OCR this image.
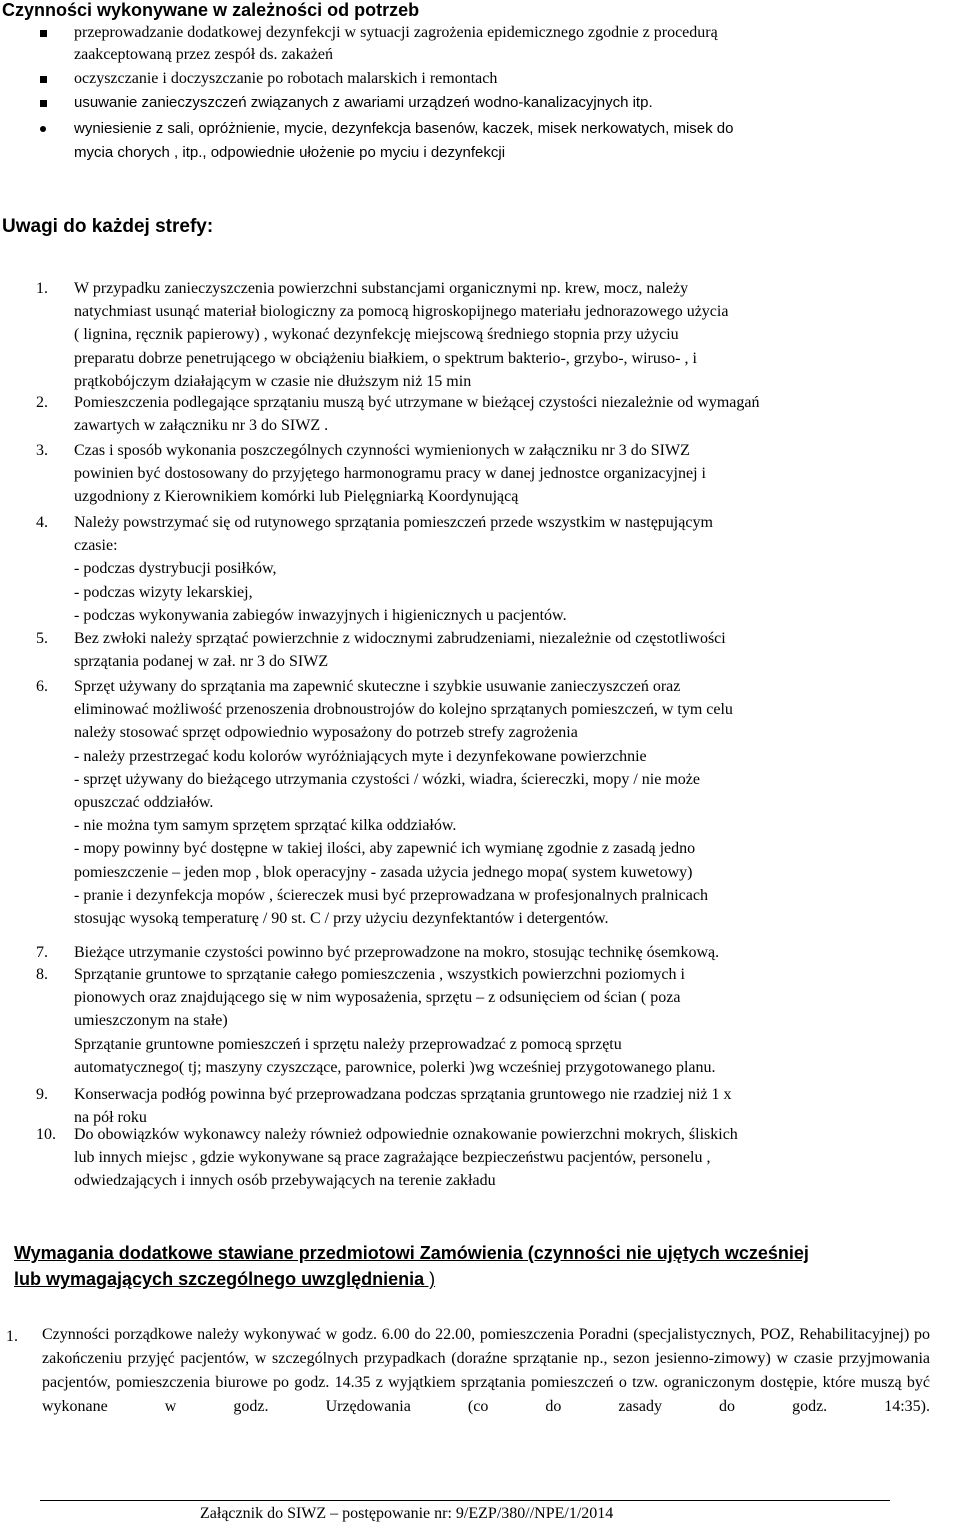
Czynności wykonywane w zależności od potrzeb
przeprowadzanie dodatkowej dezynfekcji w sytuacji zagrożenia epidemicznego zgodnie z procedurą
zaakceptowaną przez zespół ds. zakażeń
oczyszczanie i doczyszczanie po robotach malarskich i remontach
usuwanie zanieczyszczeń związanych z awariami urządzeń wodno-kanalizacyjnych itp.
wyniesienie z sali, opróżnienie, mycie, dezynfekcja basenów, kaczek, misek nerkowatych, misek do
mycia chorych , itp., odpowiednie ułożenie po myciu i dezynfekcji
Uwagi do każdej strefy:
1. W przypadku zanieczyszczenia powierzchni substancjami organicznymi np. krew, mocz, należy
natychmiast usunąć materiał biologiczny za pomocą higroskopijnego materiału jednorazowego użycia
( lignina, ręcznik papierowy) , wykonać dezynfekcję miejscową średniego stopnia przy użyciu
preparatu dobrze penetrującego w obciążeniu białkiem, o spektrum bakterio-, grzybo-, wiruso- , i
prątkobójczym działającym w czasie nie dłuższym niż 15 min
2. Pomieszczenia podlegające sprzątaniu muszą być utrzymane w bieżącej czystości niezależnie od wymagań
zawartych w załączniku nr 3 do SIWZ .
3. Czas i sposób wykonania poszczególnych czynności wymienionych w załączniku nr 3 do SIWZ
powinien być dostosowany do przyjętego harmonogramu pracy w danej jednostce organizacyjnej i
uzgodniony z Kierownikiem komórki lub Pielęgniarką Koordynującą
4. Należy powstrzymać się od rutynowego sprzątania pomieszczeń przede wszystkim w następującym
czasie:
- podczas dystrybucji posiłków,
- podczas wizyty lekarskiej,
- podczas wykonywania zabiegów inwazyjnych i higienicznych u pacjentów.
5. Bez zwłoki należy sprzątać powierzchnie z widocznymi zabrudzeniami, niezależnie od częstotliwości
sprzątania podanej w zał. nr 3 do SIWZ
6. Sprzęt używany do sprzątania ma zapewnić skuteczne i szybkie usuwanie zanieczyszczeń oraz
eliminować możliwość przenoszenia drobnoustrojów do kolejno sprzątanych pomieszczeń, w tym celu
należy stosować sprzęt odpowiednio wyposażony do potrzeb strefy zagrożenia
- należy przestrzegać kodu kolorów wyróżniających myte i dezynfekowane powierzchnie
- sprzęt używany do bieżącego utrzymania czystości / wózki, wiadra, ściereczki, mopy / nie może
opuszczać oddziałów.
- nie można tym samym sprzętem sprzątać kilka oddziałów.
- mopy powinny być dostępne w takiej ilości, aby zapewnić ich wymianę zgodnie z zasadą jedno
pomieszczenie – jeden mop , blok operacyjny - zasada użycia jednego mopa( system kuwetowy)
- pranie i dezynfekcja mopów , ściereczek musi być przeprowadzana w profesjonalnych pralnicach
stosując wysoką temperaturę / 90 st. C / przy użyciu dezynfektantów i detergentów.
7. Bieżące utrzymanie czystości powinno być przeprowadzone na mokro, stosując technikę ósemkową.
8. Sprzątanie gruntowe to sprzątanie całego pomieszczenia , wszystkich powierzchni poziomych i
pionowych oraz znajdującego się w nim wyposażenia, sprzętu – z odsunięciem od ścian ( poza
umieszczonym na stałe)
Sprzątanie gruntowne pomieszczeń i sprzętu należy przeprowadzać z pomocą sprzętu
automatycznego( tj; maszyny czyszczące, parownice, polerki )wg wcześniej przygotowanego planu.
9. Konserwacja podłóg powinna być przeprowadzana podczas sprzątania gruntowego nie rzadziej niż 1 x
na pół roku
10. Do obowiązków wykonawcy należy również odpowiednie oznakowanie powierzchni mokrych, śliskich
lub innych miejsc , gdzie wykonywane są prace zagrażające bezpieczeństwu pacjentów, personelu ,
odwiedzających i innych osób przebywających na terenie zakładu
Wymagania dodatkowe stawiane przedmiotowi Zamówienia (czynności nie ujętych wcześniej
lub wymagających szczególnego uwzględnienia )
1. Czynności porządkowe należy wykonywać w godz. 6.00 do 22.00, pomieszczenia Poradni (specjalistycznych, POZ, Rehabilitacyjnej) po zakończeniu przyjęć pacjentów, w szczególnych przypadkach (doraźne sprzątanie np., sezon jesienno-zimowy) w czasie przyjmowania pacjentów, pomieszczenia biurowe po godz. 14.35 z wyjątkiem sprzątania pomieszczeń o tzw. ograniczonym dostępie, które muszą być wykonane w godz. Urzędowania (co do zasady do godz. 14:35).
Załącznik do SIWZ – postępowanie nr: 9/EZP/380//NPE/1/2014
